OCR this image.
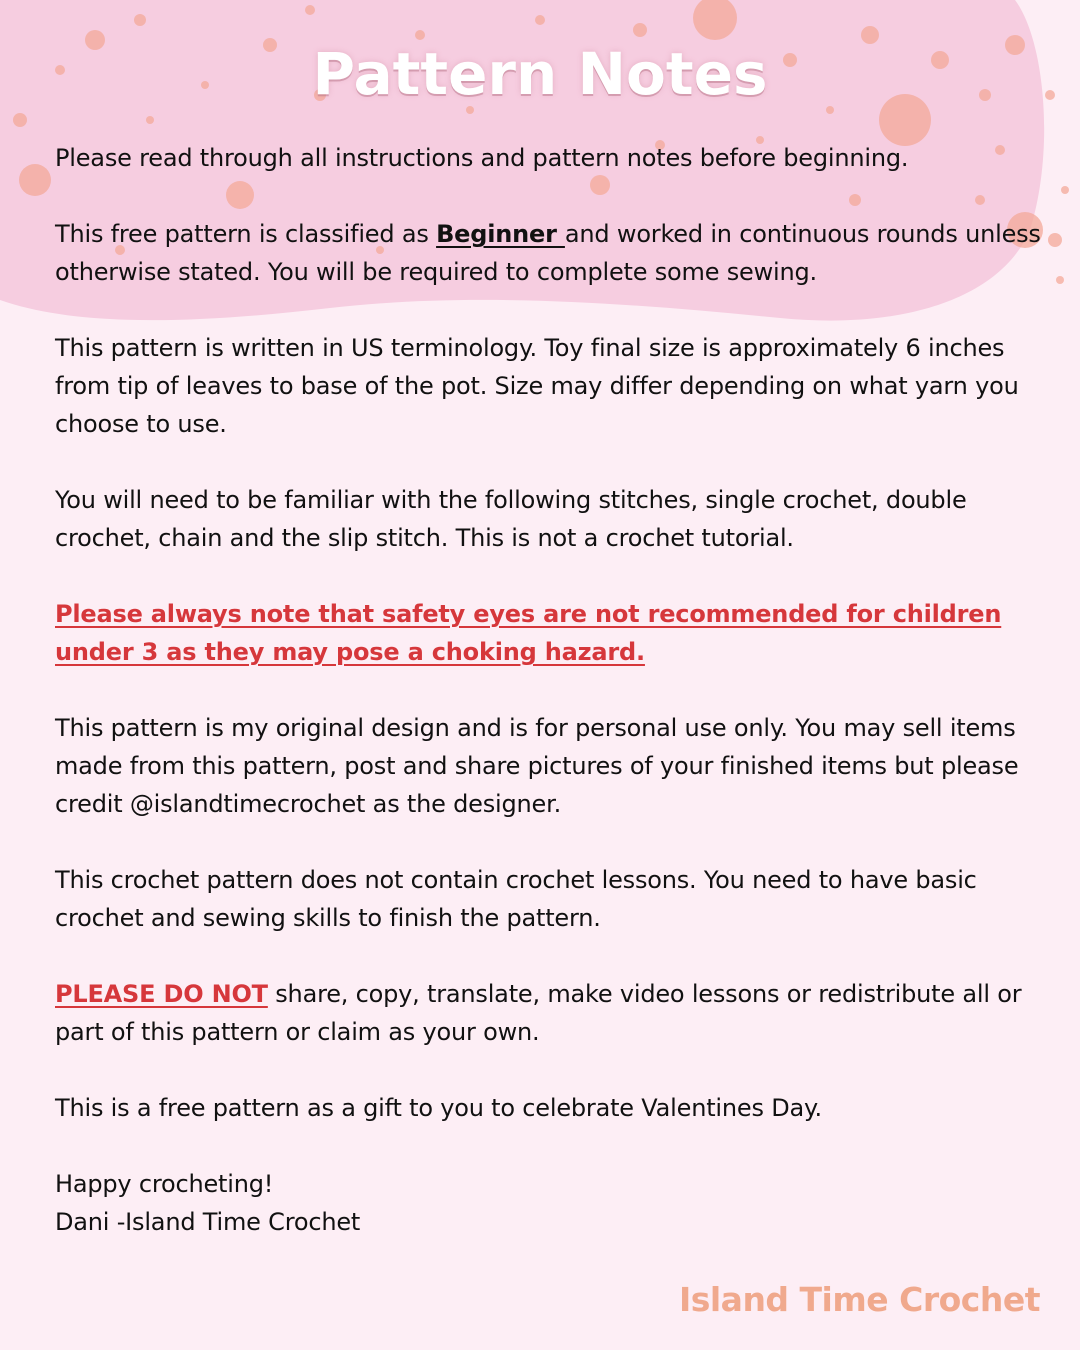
Pattern Notes

Please read through all instructions and pattern notes before beginning.

This free pattern is classified as Beginner and worked in continuous rounds unless otherwise stated. You will be required to complete some sewing.

This pattern is written in US terminology. Toy final size is approximately 6 inches from tip of leaves to base of the pot. Size may differ depending on what yarn you choose to use.

You will need to be familiar with the following stitches, single crochet, double crochet, chain and the slip stitch. This is not a crochet tutorial.

Please always note that safety eyes are not recommended for children under 3 as they may pose a choking hazard.

This pattern is my original design and is for personal use only. You may sell items made from this pattern, post and share pictures of your finished items but please credit @islandtimecrochet as the designer.

This crochet pattern does not contain crochet lessons. You need to have basic crochet and sewing skills to finish the pattern.

PLEASE DO NOT share, copy, translate, make video lessons or redistribute all or part of this pattern or claim as your own.

This is a free pattern as a gift to you to celebrate Valentines Day.

Happy crocheting!
Dani -Island Time Crochet

Island Time Crochet
